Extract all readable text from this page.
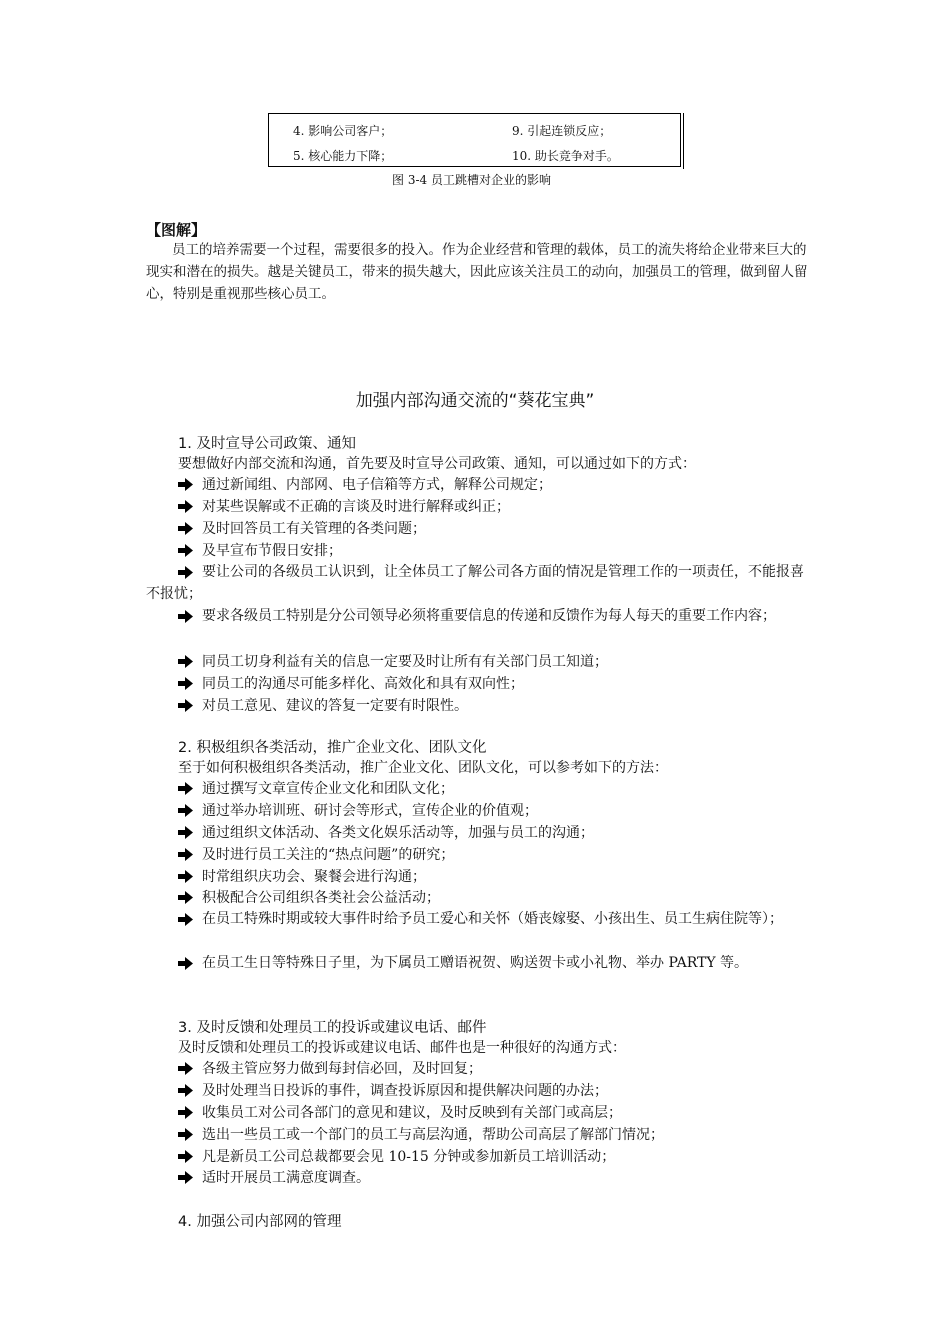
4. 影响公司客户；	9. 引起连锁反应；
5. 核心能力下降；	10. 助长竞争对手。
图 3-4 员工跳槽对企业的影响
【图解】
员工的培养需要一个过程，需要很多的投入。作为企业经营和管理的载体，员工的流失将给企业带来巨大的现实和潜在的损失。越是关键员工，带来的损失越大，因此应该关注员工的动向，加强员工的管理，做到留人留心，特别是重视那些核心员工。
加强内部沟通交流的“葵花宝典”
1. 及时宣导公司政策、通知
要想做好内部交流和沟通，首先要及时宣导公司政策、通知，可以通过如下的方式：
通过新闻组、内部网、电子信箱等方式，解释公司规定；
对某些误解或不正确的言谈及时进行解释或纠正；
及时回答员工有关管理的各类问题；
及早宣布节假日安排；
要让公司的各级员工认识到，让全体员工了解公司各方面的情况是管理工作的一项责任，不能报喜不报忧；
要求各级员工特别是分公司领导必须将重要信息的传递和反馈作为每人每天的重要工作内容；
同员工切身利益有关的信息一定要及时让所有有关部门员工知道；
同员工的沟通尽可能多样化、高效化和具有双向性；
对员工意见、建议的答复一定要有时限性。
2. 积极组织各类活动，推广企业文化、团队文化
至于如何积极组织各类活动，推广企业文化、团队文化，可以参考如下的方法：
通过撰写文章宣传企业文化和团队文化；
通过举办培训班、研讨会等形式，宣传企业的价值观；
通过组织文体活动、各类文化娱乐活动等，加强与员工的沟通；
及时进行员工关注的“热点问题”的研究；
时常组织庆功会、聚餐会进行沟通；
积极配合公司组织各类社会公益活动；
在员工特殊时期或较大事件时给予员工爱心和关怀（婚丧嫁娶、小孩出生、员工生病住院等）；
在员工生日等特殊日子里，为下属员工赠语祝贺、购送贺卡或小礼物、举办 PARTY 等。
3. 及时反馈和处理员工的投诉或建议电话、邮件
及时反馈和处理员工的投诉或建议电话、邮件也是一种很好的沟通方式：
各级主管应努力做到每封信必回，及时回复；
及时处理当日投诉的事件，调查投诉原因和提供解决问题的办法；
收集员工对公司各部门的意见和建议，及时反映到有关部门或高层；
选出一些员工或一个部门的员工与高层沟通，帮助公司高层了解部门情况；
凡是新员工公司总裁都要会见 10-15 分钟或参加新员工培训活动；
适时开展员工满意度调查。
4. 加强公司内部网的管理
